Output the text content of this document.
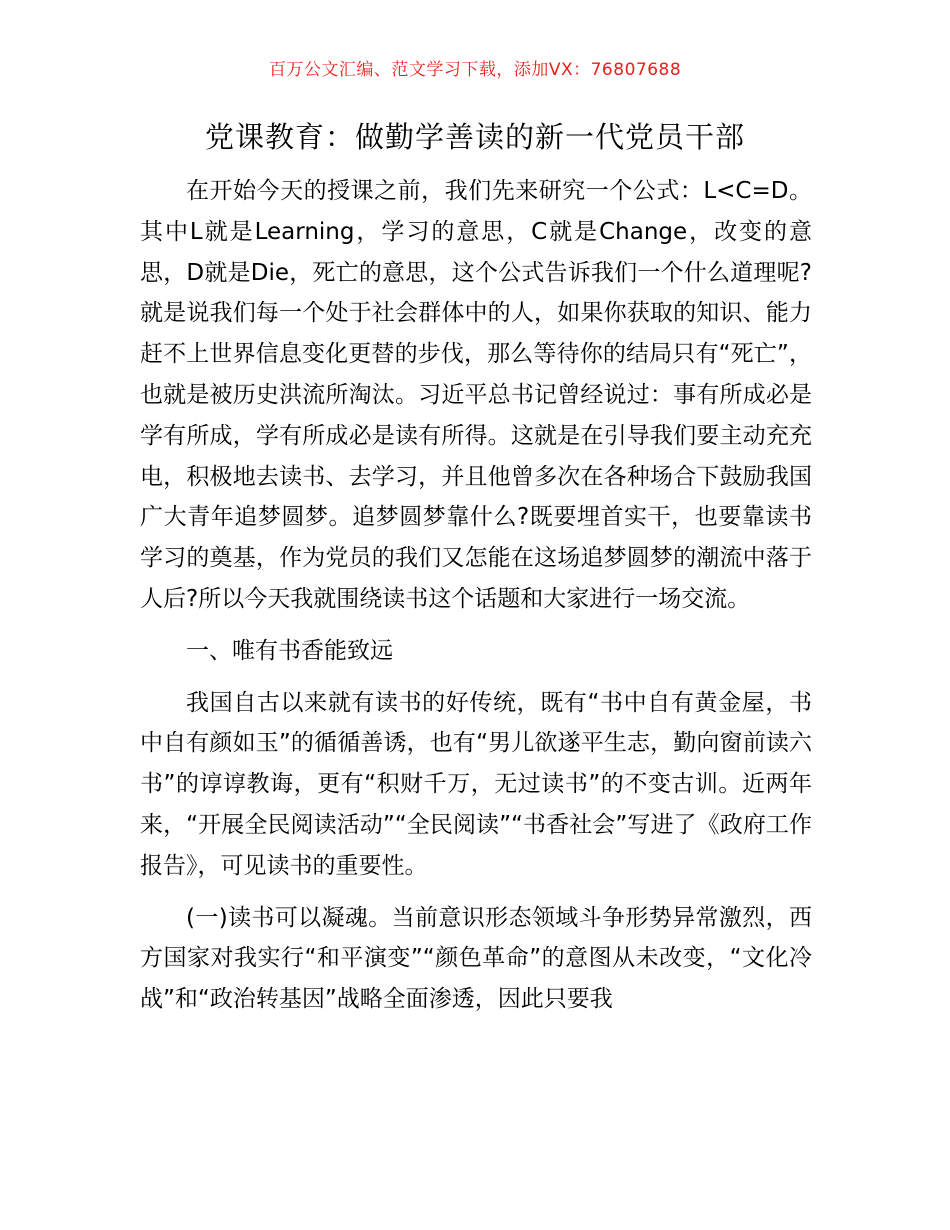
百万公文汇编、范文学习下载，添加VX：76807688
党课教育：做勤学善读的新一代党员干部

在开始今天的授课之前，我们先来研究一个公式：L<C=D。其中L就是Learning，学习的意思，C就是Change，改变的意思，D就是Die，死亡的意思，这个公式告诉我们一个什么道理呢?就是说我们每一个处于社会群体中的人，如果你获取的知识、能力赶不上世界信息变化更替的步伐，那么等待你的结局只有“死亡”，也就是被历史洪流所淘汰。习近平总书记曾经说过：事有所成必是学有所成，学有所成必是读有所得。这就是在引导我们要主动充充电，积极地去读书、去学习，并且他曾多次在各种场合下鼓励我国广大青年追梦圆梦。追梦圆梦靠什么?既要埋首实干，也要靠读书学习的奠基，作为党员的我们又怎能在这场追梦圆梦的潮流中落于人后?所以今天我就围绕读书这个话题和大家进行一场交流。

一、唯有书香能致远

我国自古以来就有读书的好传统，既有“书中自有黄金屋，书中自有颜如玉”的循循善诱，也有“男儿欲遂平生志，勤向窗前读六书”的谆谆教诲，更有“积财千万，无过读书”的不变古训。近两年来，“开展全民阅读活动”“全民阅读”“书香社会”写进了《政府工作报告》，可见读书的重要性。

(一)读书可以凝魂。当前意识形态领域斗争形势异常激烈，西方国家对我实行“和平演变”“颜色革命”的意图从未改变，“文化冷战”和“政治转基因”战略全面渗透，因此只要我
